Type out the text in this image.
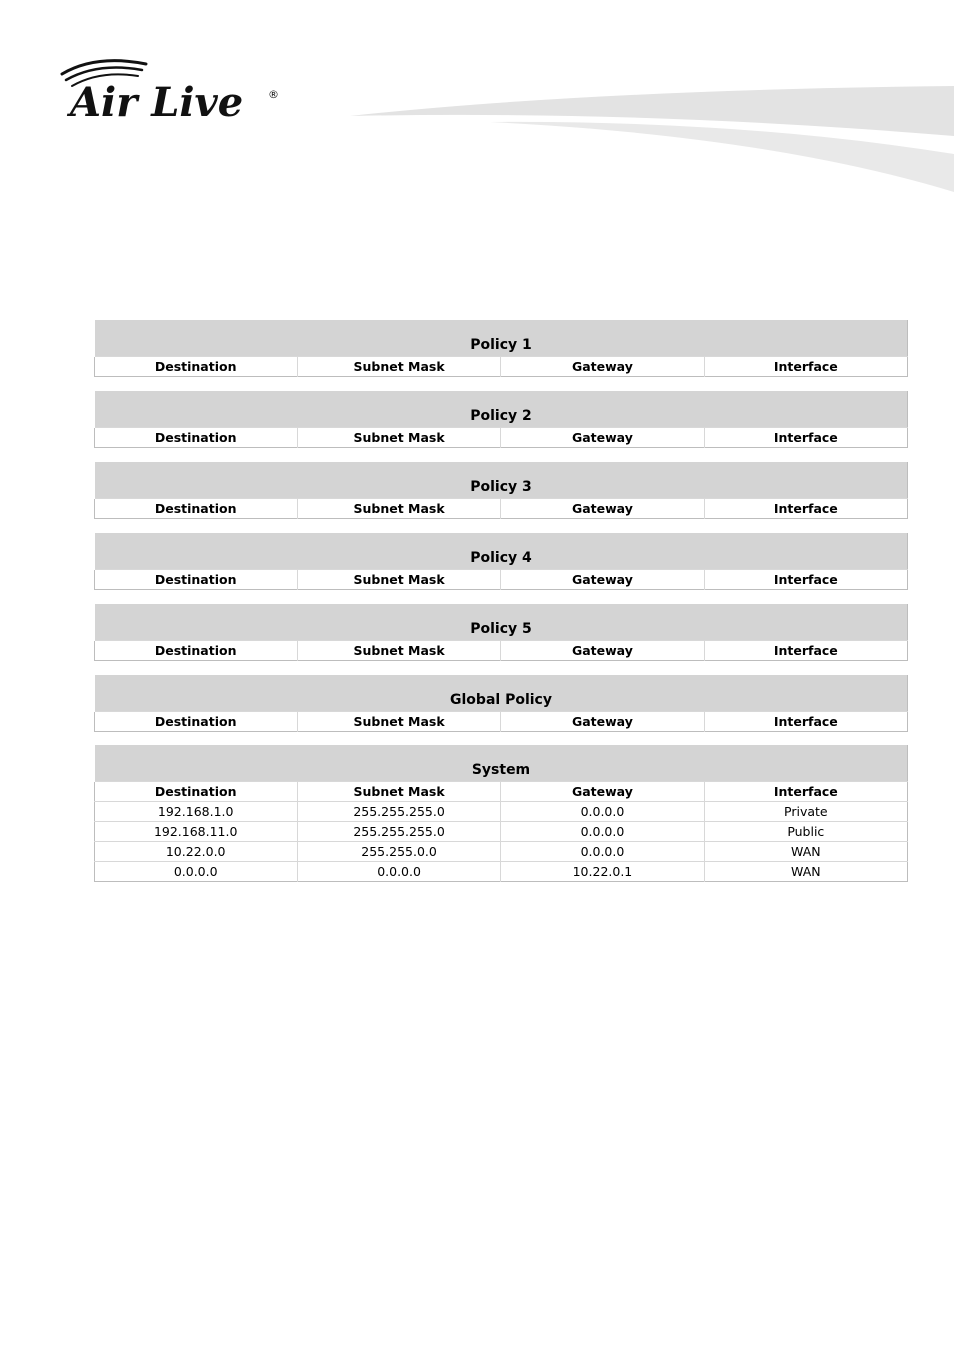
Air Live ®
Policy 1
Destination	Subnet Mask	Gateway	Interface
Policy 2
Destination	Subnet Mask	Gateway	Interface
Policy 3
Destination	Subnet Mask	Gateway	Interface
Policy 4
Destination	Subnet Mask	Gateway	Interface
Policy 5
Destination	Subnet Mask	Gateway	Interface
Global Policy
Destination	Subnet Mask	Gateway	Interface
System			
Destination	Subnet Mask	Gateway	Interface
192.168.1.0	255.255.255.0	0.0.0.0	Private
192.168.11.0	255.255.255.0	0.0.0.0	Public
10.22.0.0	255.255.0.0	0.0.0.0	WAN
0.0.0.0	0.0.0.0	10.22.0.1	WAN
